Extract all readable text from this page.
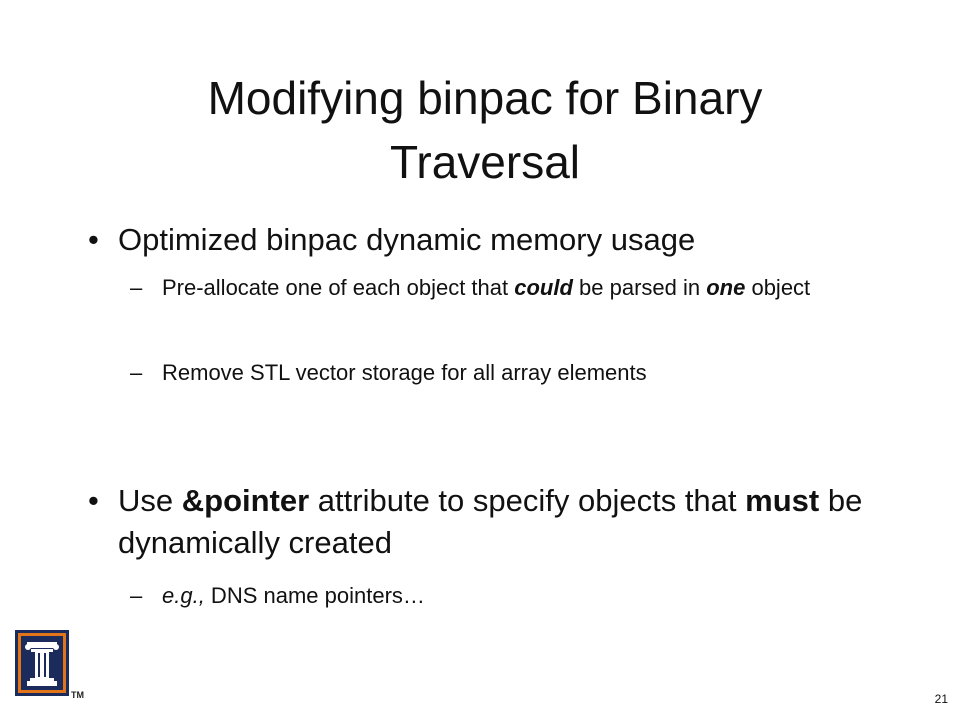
Modifying binpac for Binary
Traversal
• Optimized binpac dynamic memory usage
– Pre-allocate one of each object that could be parsed in one object
– Remove STL vector storage for all array elements
• Use &pointer attribute to specify objects that must be dynamically created
– e.g., DNS name pointers…
TM	21
